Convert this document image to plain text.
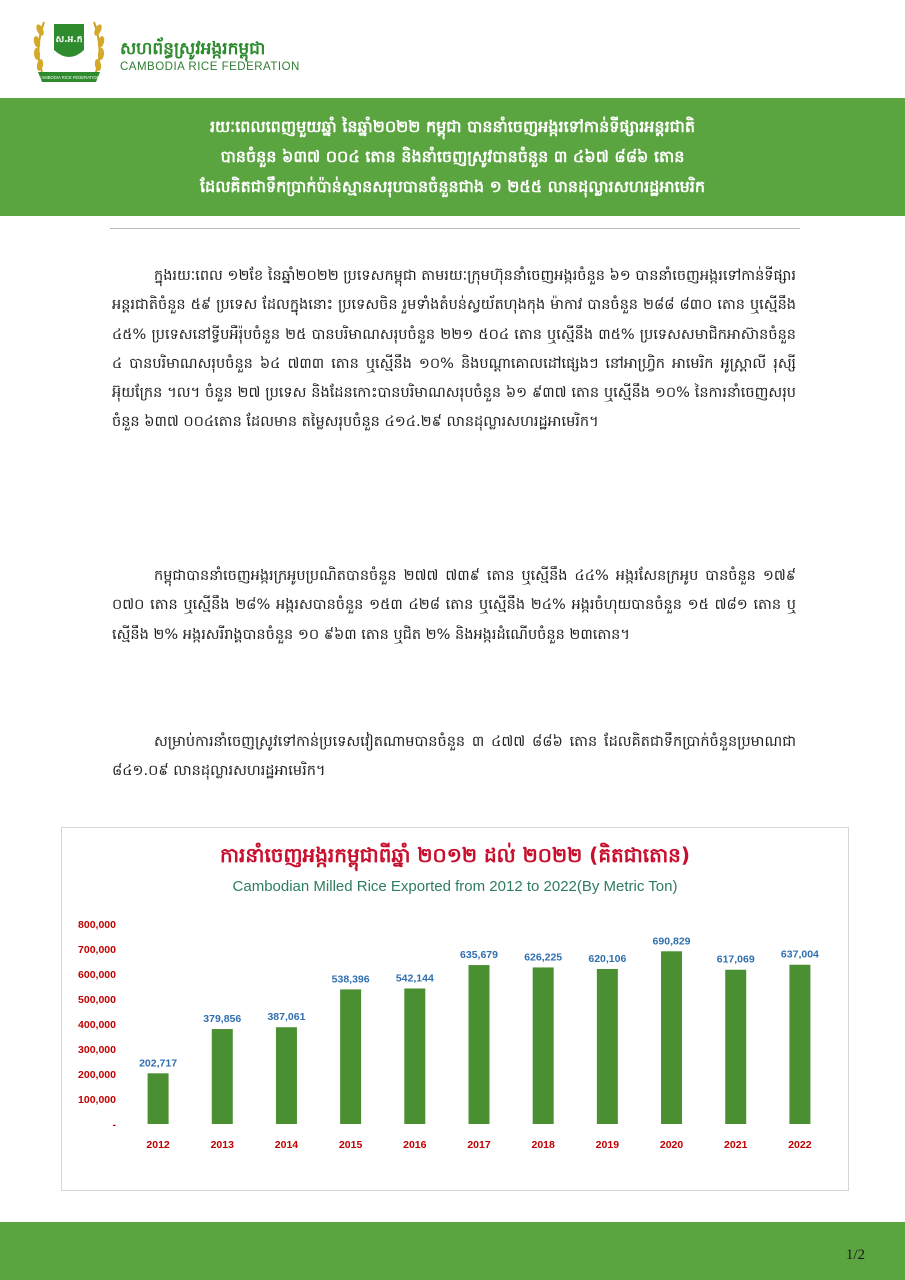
ស.អ.ក
CAMBODIA RICE FEDERATION
សហព័ន្ធស្រូវអង្ករកម្ពុជា
CAMBODIA RICE FEDERATION
រយៈពេលពេញមួយឆ្នាំ នៃឆ្នាំ២០២២ កម្ពុជា បាននាំចេញអង្ករទៅកាន់ទីផ្សារអន្តរជាតិ
បានចំនួន ៦៣៧ ០០៤ តោន និងនាំចេញស្រូវបានចំនួន ៣ ៤៦៧ ៨៨៦ តោន
ដែលគិតជាទឹកប្រាក់ប៉ាន់ស្មានសរុបបានចំនួនជាង ១ ២៥៥ លានដុល្លារសហរដ្ឋអាមេរិក

ក្នុងរយៈពេល ១២ខែ នៃឆ្នាំ២០២២ ប្រទេសកម្ពុជា តាមរយៈក្រុមហ៊ុននាំចេញអង្ករចំនួន ៦១ បាននាំចេញអង្ករទៅកាន់ទីផ្សារអន្តរជាតិចំនួន ៥៩ ប្រទេស ដែលក្នុងនោះ ប្រទេសចិន រួមទាំងតំបន់ស្វយ័តហុងកុង ម៉ាកាវ បានចំនួន ២៨៨ ៨៣០ តោន ឬស្មើនឹង ៤៥% ប្រទេសនៅទ្វីបអឺរ៉ុបចំនួន ២៥ បានបរិមាណសរុបចំនួន ២២១ ៥០៤ តោន ឬស្មើនឹង ៣៥% ប្រទេសសមាជិកអាស៊ានចំនួន ៤ បានបរិមាណសរុបចំនួន ៦៤ ៧៣៣ តោន ឬស្មើនឹង ១០% និងបណ្តាគោលដៅផ្សេងៗ នៅអាហ្វ្រិក អាមេរិក អូស្ត្រាលី រុស្សី អ៊ុយក្រែន ។ល។ ចំនួន ២៧ ប្រទេស និងដែនកោះបានបរិមាណសរុបចំនួន ៦១ ៩៣៧ តោន ឬស្មើនឹង ១០% នៃការនាំចេញសរុបចំនួន ៦៣៧ ០០៤តោន ដែលមាន តម្លៃសរុបចំនួន ៤១៤.២៩ លានដុល្លារសហរដ្ឋអាមេរិក។

កម្ពុជាបាននាំចេញអង្ករក្រអូបប្រណិតបានចំនួន ២៧៧ ៧៣៩ តោន ឬស្មើនឹង ៤៤% អង្ករសែនក្រអូប បានចំនួន ១៧៩ ០៧០ តោន ឬស្មើនឹង ២៨% អង្ករសបានចំនួន ១៥៣ ៤២៨ តោន ឬស្មើនឹង ២៤% អង្ករចំហុយបានចំនួន ១៥ ៧៨១ តោន ឬស្មើនឹង ២% អង្ករសរីរាង្គបានចំនួន ១០ ៩៦៣ តោន ឬជិត ២% និងអង្ករដំណើបចំនួន ២៣តោន។

សម្រាប់ការនាំចេញស្រូវទៅកាន់ប្រទេសវៀតណាមបានចំនួន ៣ ៤៧៧ ៨៨៦ តោន ដែលគិតជាទឹកប្រាក់ចំនួនប្រមាណជា ៨៤១.០៩ លានដុល្លារសហរដ្ឋអាមេរិក។

ការនាំចេញអង្ករកម្ពុជាពីឆ្នាំ ២០១២ ដល់ ២០២២ (គិតជាតោន)
Cambodian Milled Rice Exported from 2012 to 2022(By Metric Ton)
-
100,000
200,000
300,000
400,000
500,000
600,000
700,000
800,000
202,717
2012
379,856
2013
387,061
2014
538,396
2015
542,144
2016
635,679
2017
626,225
2018
620,106
2019
690,829
2020
617,069
2021
637,004
2022
1/2
